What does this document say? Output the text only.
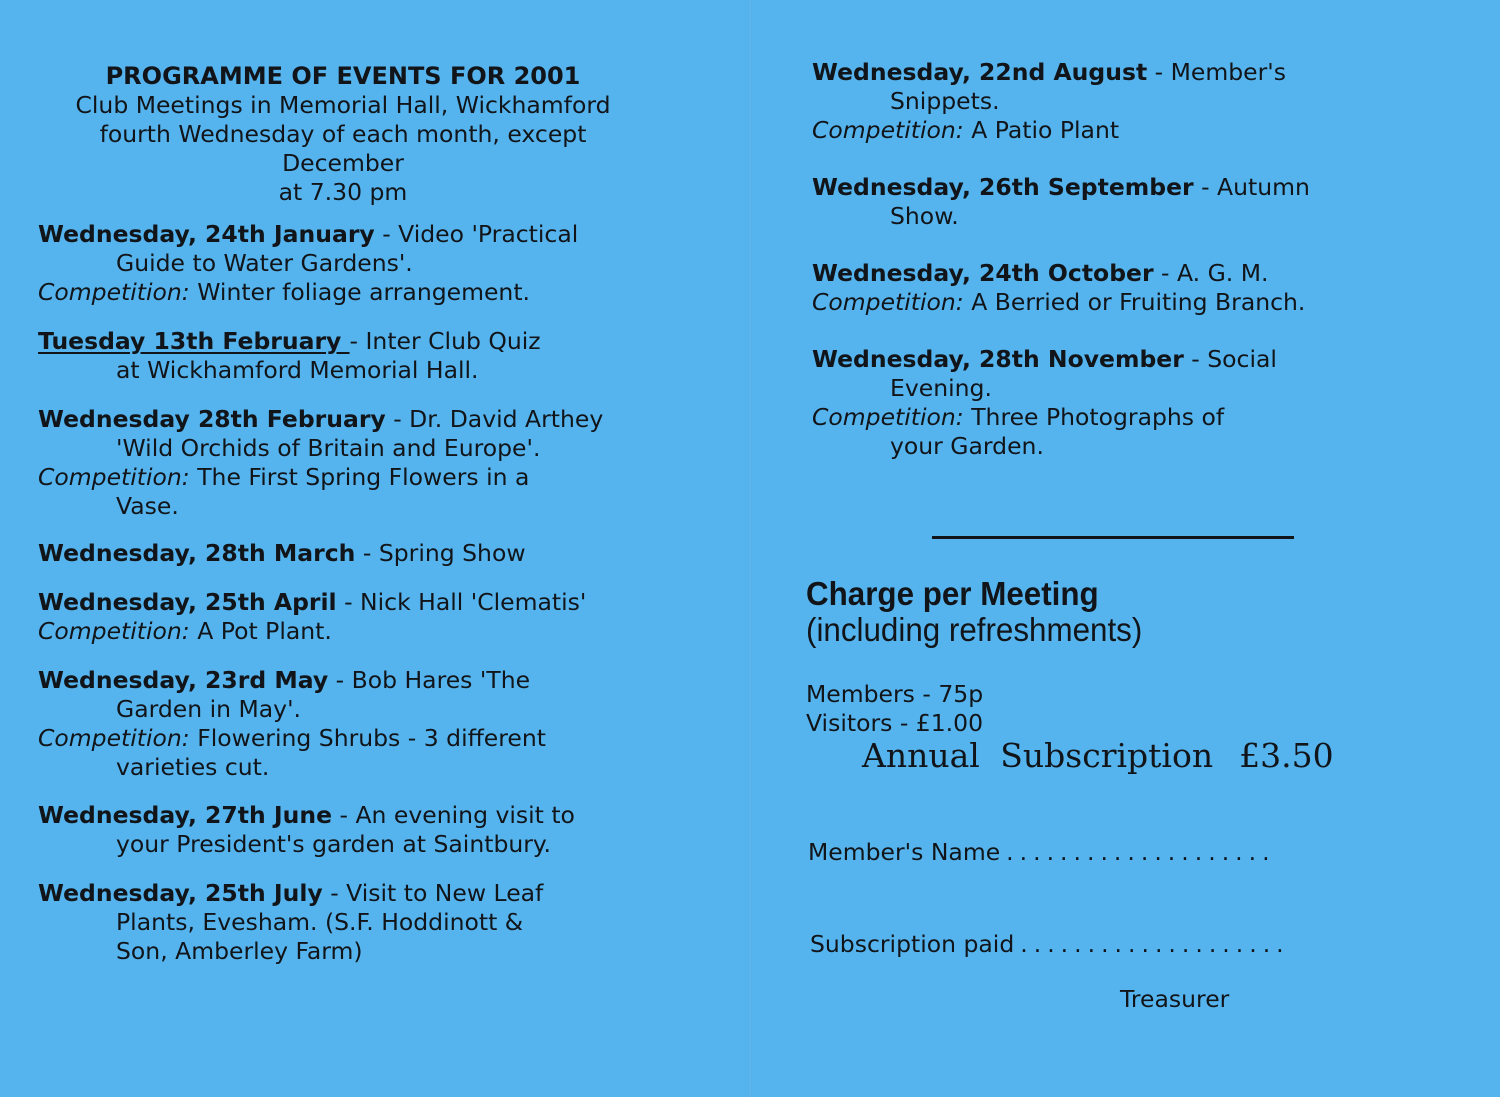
PROGRAMME OF EVENTS FOR 2001
Club Meetings in Memorial Hall, Wickhamford
fourth Wednesday of each month, except
December
at 7.30 pm
Wednesday, 24th January - Video 'Practical
Guide to Water Gardens'.
Competition: Winter foliage arrangement.
Tuesday 13th February - Inter Club Quiz
at Wickhamford Memorial Hall.
Wednesday 28th February - Dr. David Arthey
'Wild Orchids of Britain and Europe'.
Competition: The First Spring Flowers in a
Vase.
Wednesday, 28th March - Spring Show
Wednesday, 25th April - Nick Hall 'Clematis'
Competition: A Pot Plant.
Wednesday, 23rd May - Bob Hares 'The
Garden in May'.
Competition: Flowering Shrubs - 3 different
varieties cut.
Wednesday, 27th June - An evening visit to
your President's garden at Saintbury.
Wednesday, 25th July - Visit to New Leaf
Plants, Evesham. (S.F. Hoddinott &
Son, Amberley Farm)
Wednesday, 22nd August - Member's
Snippets.
Competition: A Patio Plant
Wednesday, 26th September - Autumn
Show.
Wednesday, 24th October - A. G. M.
Competition: A Berried or Fruiting Branch.
Wednesday, 28th November - Social
Evening.
Competition: Three Photographs of
your Garden.
Charge per Meeting
(including refreshments)
Members - 75p
Visitors - £1.00
Annual Subscription £3.50
Member's Name ....................
Subscription paid ....................
Treasurer
